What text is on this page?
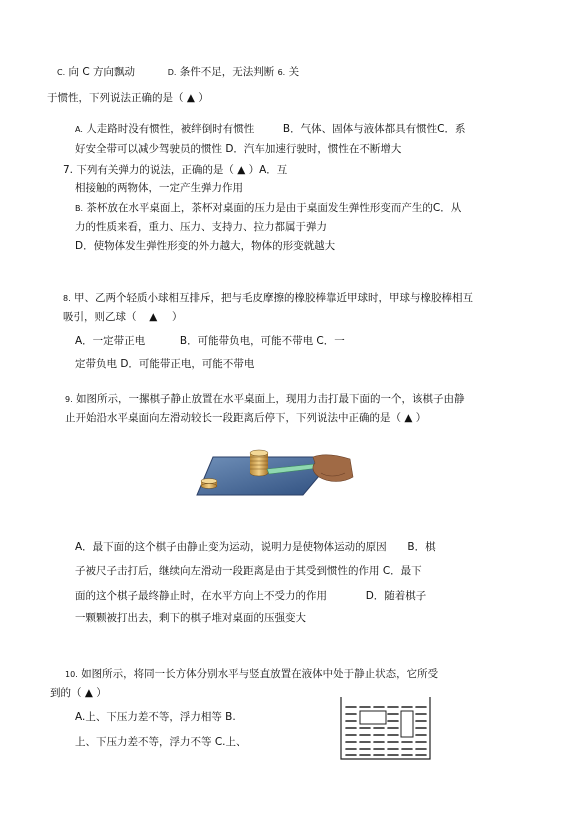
C. 向 C 方向飘动	D. 条件不足，无法判断 6. 关
于惯性，下列说法正确的是（ ▲ ）
A. 人走路时没有惯性，被绊倒时有惯性	B．气体、固体与液体都具有惯性C．系
好安全带可以减少驾驶员的惯性 D．汽车加速行驶时，惯性在不断增大
7. 下列有关弹力的说法，正确的是（ ▲ ）A．互
相接触的两物体，一定产生弹力作用
B. 茶杯放在水平桌面上，茶杯对桌面的压力是由于桌面发生弹性形变而产生的C．从
力的性质来看，重力、压力、支持力、拉力都属于弹力
D．使物体发生弹性形变的外力越大，物体的形变就越大
8. 甲、乙两个轻质小球相互排斥，把与毛皮摩擦的橡胶棒靠近甲球时，甲球与橡胶棒相互
吸引，则乙球（ ▲ ）
A．一定带正电	B．可能带负电，可能不带电 C．一
定带负电 D．可能带正电，可能不带电
9. 如图所示，一摞棋子静止放置在水平桌面上，现用力击打最下面的一个，该棋子由静
止开始沿水平桌面向左滑动较长一段距离后停下，下列说法中正确的是（ ▲ ）
A．最下面的这个棋子由静止变为运动，说明力是使物体运动的原因 B．棋
子被尺子击打后，继续向左滑动一段距离是由于其受到惯性的作用 C．最下
面的这个棋子最终静止时，在水平方向上不受力的作用	D．随着棋子
一颗颗被打出去，剩下的棋子堆对桌面的压强变大
10. 如图所示，将同一长方体分别水平与竖直放置在液体中处于静止状态，它所受
到的（ ▲ ）
A.上、下压力差不等，浮力相等 B.
上、下压力差不等，浮力不等 C.上、
